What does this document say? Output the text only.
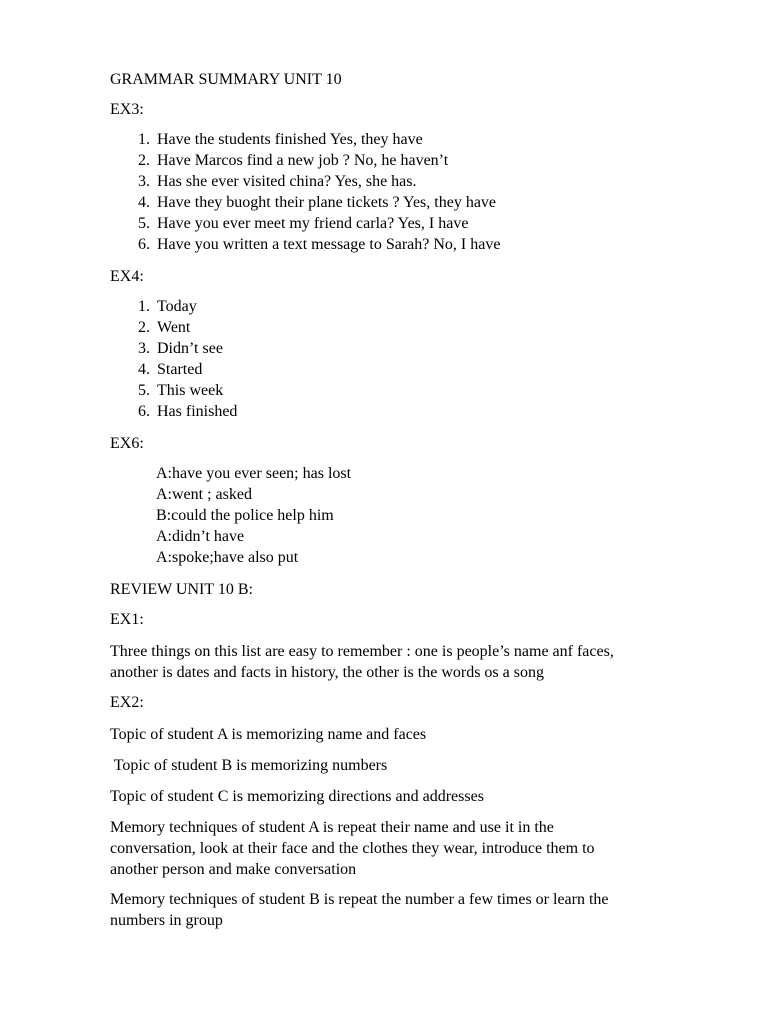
GRAMMAR SUMMARY UNIT 10
EX3:
1. Have the students finished Yes, they have
2. Have Marcos find a new job ? No, he haven’t
3. Has she ever visited china? Yes, she has.
4. Have they buoght their plane tickets ? Yes, they have
5. Have you ever meet my friend carla? Yes, I have
6. Have you written a text message to Sarah? No, I have
EX4:
1. Today
2. Went
3. Didn’t see
4. Started
5. This week
6. Has finished
EX6:
A:have you ever seen; has lost
A:went ; asked
B:could the police help him
A:didn’t have
A:spoke;have also put
REVIEW UNIT 10 B:
EX1:
Three things on this list are easy to remember : one is people’s name anf faces,
another is dates and facts in history, the other is the words os a song
EX2:
Topic of student A is memorizing name and faces
Topic of student B is memorizing numbers
Topic of student C is memorizing directions and addresses
Memory techniques of student A is repeat their name and use it in the
conversation, look at their face and the clothes they wear, introduce them to
another person and make conversation
Memory techniques of student B is repeat the number a few times or learn the
numbers in group
